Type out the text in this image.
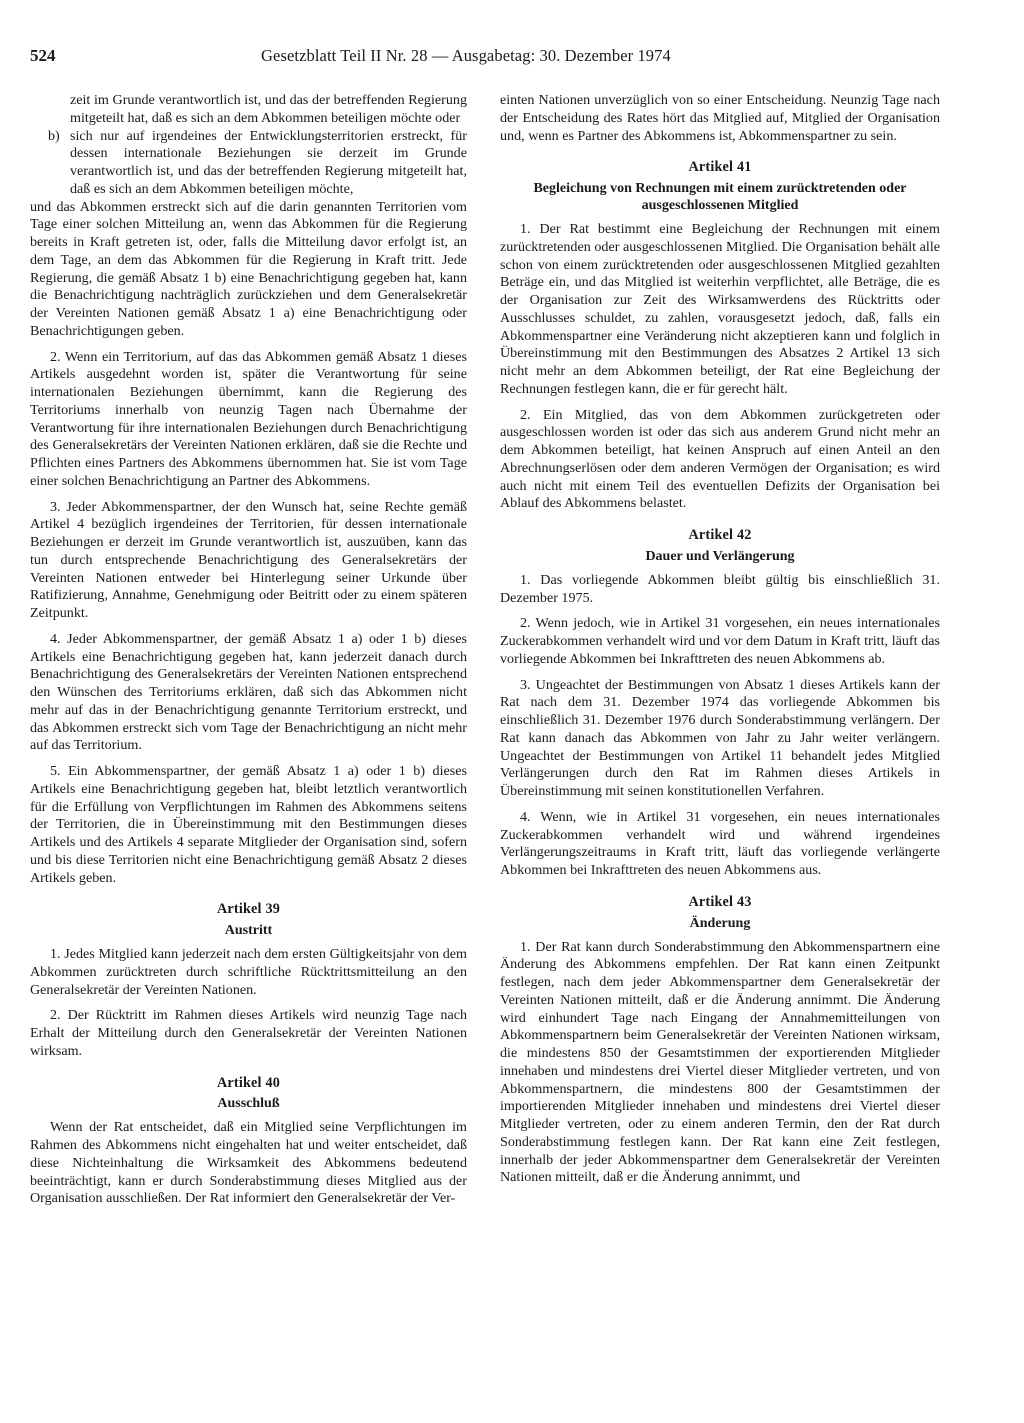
524	Gesetzblatt Teil II Nr. 28 — Ausgabetag: 30. Dezember 1974

zeit im Grunde verantwortlich ist, und das der betreffenden Regierung mitgeteilt hat, daß es sich an dem Abkommen beteiligen möchte oder

b) sich nur auf irgendeines der Entwicklungsterritorien erstreckt, für dessen internationale Beziehungen sie derzeit im Grunde verantwortlich ist, und das der betreffenden Regierung mitgeteilt hat, daß es sich an dem Abkommen beteiligen möchte,

und das Abkommen erstreckt sich auf die darin genannten Territorien vom Tage einer solchen Mitteilung an, wenn das Abkommen für die Regierung bereits in Kraft getreten ist, oder, falls die Mitteilung davor erfolgt ist, an dem Tage, an dem das Abkommen für die Regierung in Kraft tritt. Jede Regierung, die gemäß Absatz 1 b) eine Benachrichtigung gegeben hat, kann die Benachrichtigung nachträglich zurückziehen und dem Generalsekretär der Vereinten Nationen gemäß Absatz 1 a) eine Benachrichtigung oder Benachrichtigungen geben.

2. Wenn ein Territorium, auf das das Abkommen gemäß Absatz 1 dieses Artikels ausgedehnt worden ist, später die Verantwortung für seine internationalen Beziehungen übernimmt, kann die Regierung des Territoriums innerhalb von neunzig Tagen nach Übernahme der Verantwortung für ihre internationalen Beziehungen durch Benachrichtigung des Generalsekretärs der Vereinten Nationen erklären, daß sie die Rechte und Pflichten eines Partners des Abkommens übernommen hat. Sie ist vom Tage einer solchen Benachrichtigung an Partner des Abkommens.

3. Jeder Abkommenspartner, der den Wunsch hat, seine Rechte gemäß Artikel 4 bezüglich irgendeines der Territorien, für dessen internationale Beziehungen er derzeit im Grunde verantwortlich ist, auszuüben, kann das tun durch entsprechende Benachrichtigung des Generalsekretärs der Vereinten Nationen entweder bei Hinterlegung seiner Urkunde über Ratifizierung, Annahme, Genehmigung oder Beitritt oder zu einem späteren Zeitpunkt.

4. Jeder Abkommenspartner, der gemäß Absatz 1 a) oder 1 b) dieses Artikels eine Benachrichtigung gegeben hat, kann jederzeit danach durch Benachrichtigung des Generalsekretärs der Vereinten Nationen entsprechend den Wünschen des Territoriums erklären, daß sich das Abkommen nicht mehr auf das in der Benachrichtigung genannte Territorium erstreckt, und das Abkommen erstreckt sich vom Tage der Benachrichtigung an nicht mehr auf das Territorium.

5. Ein Abkommenspartner, der gemäß Absatz 1 a) oder 1 b) dieses Artikels eine Benachrichtigung gegeben hat, bleibt letztlich verantwortlich für die Erfüllung von Verpflichtungen im Rahmen des Abkommens seitens der Territorien, die in Übereinstimmung mit den Bestimmungen dieses Artikels und des Artikels 4 separate Mitglieder der Organisation sind, sofern und bis diese Territorien nicht eine Benachrichtigung gemäß Absatz 2 dieses Artikels geben.

Artikel 39
Austritt

1. Jedes Mitglied kann jederzeit nach dem ersten Gültigkeitsjahr von dem Abkommen zurücktreten durch schriftliche Rücktrittsmitteilung an den Generalsekretär der Vereinten Nationen.

2. Der Rücktritt im Rahmen dieses Artikels wird neunzig Tage nach Erhalt der Mitteilung durch den Generalsekretär der Vereinten Nationen wirksam.

Artikel 40
Ausschluß

Wenn der Rat entscheidet, daß ein Mitglied seine Verpflichtungen im Rahmen des Abkommens nicht eingehalten hat und weiter entscheidet, daß diese Nichteinhaltung die Wirksamkeit des Abkommens bedeutend beeinträchtigt, kann er durch Sonderabstimmung dieses Mitglied aus der Organisation ausschließen. Der Rat informiert den Generalsekretär der Ver-

einten Nationen unverzüglich von so einer Entscheidung. Neunzig Tage nach der Entscheidung des Rates hört das Mitglied auf, Mitglied der Organisation und, wenn es Partner des Abkommens ist, Abkommenspartner zu sein.

Artikel 41
Begleichung von Rechnungen mit einem zurücktretenden oder ausgeschlossenen Mitglied

1. Der Rat bestimmt eine Begleichung der Rechnungen mit einem zurücktretenden oder ausgeschlossenen Mitglied. Die Organisation behält alle schon von einem zurücktretenden oder ausgeschlossenen Mitglied gezahlten Beträge ein, und das Mitglied ist weiterhin verpflichtet, alle Beträge, die es der Organisation zur Zeit des Wirksamwerdens des Rücktritts oder Ausschlusses schuldet, zu zahlen, vorausgesetzt jedoch, daß, falls ein Abkommenspartner eine Veränderung nicht akzeptieren kann und folglich in Übereinstimmung mit den Bestimmungen des Absatzes 2 Artikel 13 sich nicht mehr an dem Abkommen beteiligt, der Rat eine Begleichung der Rechnungen festlegen kann, die er für gerecht hält.

2. Ein Mitglied, das von dem Abkommen zurückgetreten oder ausgeschlossen worden ist oder das sich aus anderem Grund nicht mehr an dem Abkommen beteiligt, hat keinen Anspruch auf einen Anteil an den Abrechnungserlösen oder dem anderen Vermögen der Organisation; es wird auch nicht mit einem Teil des eventuellen Defizits der Organisation bei Ablauf des Abkommens belastet.

Artikel 42
Dauer und Verlängerung

1. Das vorliegende Abkommen bleibt gültig bis einschließlich 31. Dezember 1975.

2. Wenn jedoch, wie in Artikel 31 vorgesehen, ein neues internationales Zuckerabkommen verhandelt wird und vor dem Datum in Kraft tritt, läuft das vorliegende Abkommen bei Inkrafttreten des neuen Abkommens ab.

3. Ungeachtet der Bestimmungen von Absatz 1 dieses Artikels kann der Rat nach dem 31. Dezember 1974 das vorliegende Abkommen bis einschließlich 31. Dezember 1976 durch Sonderabstimmung verlängern. Der Rat kann danach das Abkommen von Jahr zu Jahr weiter verlängern. Ungeachtet der Bestimmungen von Artikel 11 behandelt jedes Mitglied Verlängerungen durch den Rat im Rahmen dieses Artikels in Übereinstimmung mit seinen konstitutionellen Verfahren.

4. Wenn, wie in Artikel 31 vorgesehen, ein neues internationales Zuckerabkommen verhandelt wird und während irgendeines Verlängerungszeitraums in Kraft tritt, läuft das vorliegende verlängerte Abkommen bei Inkrafttreten des neuen Abkommens aus.

Artikel 43
Änderung

1. Der Rat kann durch Sonderabstimmung den Abkommenspartnern eine Änderung des Abkommens empfehlen. Der Rat kann einen Zeitpunkt festlegen, nach dem jeder Abkommenspartner dem Generalsekretär der Vereinten Nationen mitteilt, daß er die Änderung annimmt. Die Änderung wird einhundert Tage nach Eingang der Annahmemitteilungen von Abkommenspartnern beim Generalsekretär der Vereinten Nationen wirksam, die mindestens 850 der Gesamtstimmen der exportierenden Mitglieder innehaben und mindestens drei Viertel dieser Mitglieder vertreten, und von Abkommenspartnern, die mindestens 800 der Gesamtstimmen der importierenden Mitglieder innehaben und mindestens drei Viertel dieser Mitglieder vertreten, oder zu einem anderen Termin, den der Rat durch Sonderabstimmung festlegen kann. Der Rat kann eine Zeit festlegen, innerhalb der jeder Abkommenspartner dem Generalsekretär der Vereinten Nationen mitteilt, daß er die Änderung annimmt, und
